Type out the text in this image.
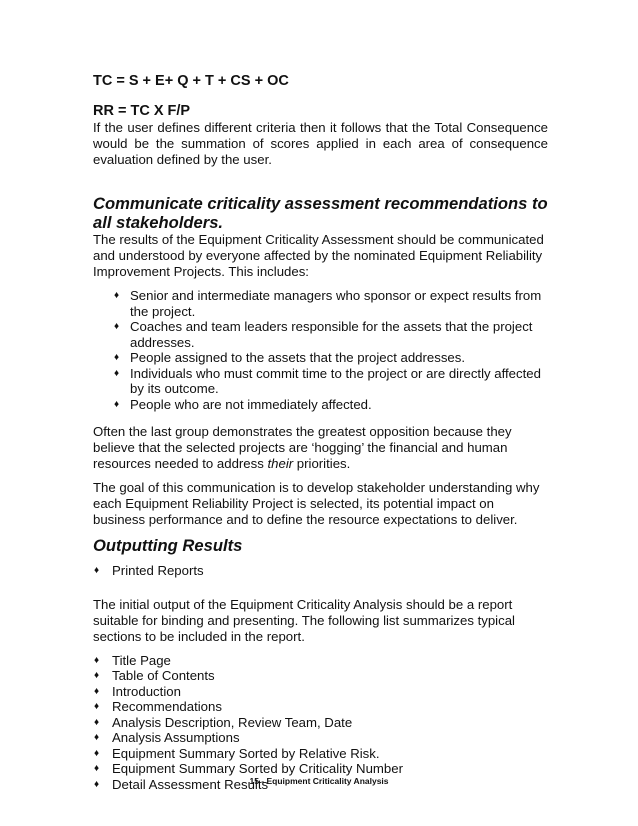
TC = S + E+ Q + T + CS + OC

RR = TC X F/P

If the user defines different criteria then it follows that the Total Consequence would be the summation of scores applied in each area of consequence evaluation defined by the user.

Communicate criticality assessment recommendations to all stakeholders.

The results of the Equipment Criticality Assessment should be communicated and understood by everyone affected by the nominated Equipment Reliability Improvement Projects. This includes:

♦ Senior and intermediate managers who sponsor or expect results from the project.
♦ Coaches and team leaders responsible for the assets that the project addresses.
♦ People assigned to the assets that the project addresses.
♦ Individuals who must commit time to the project or are directly affected by its outcome.
♦ People who are not immediately affected.

Often the last group demonstrates the greatest opposition because they believe that the selected projects are ‘hogging’ the financial and human resources needed to address their priorities.

The goal of this communication is to develop stakeholder understanding why each Equipment Reliability Project is selected, its potential impact on business performance and to define the resource expectations to deliver.

Outputting Results
♦ Printed Reports

The initial output of the Equipment Criticality Analysis should be a report suitable for binding and presenting. The following list summarizes typical sections to be included in the report.

♦ Title Page
♦ Table of Contents
♦ Introduction
♦ Recommendations
♦ Analysis Description, Review Team, Date
♦ Analysis Assumptions
♦ Equipment Summary Sorted by Relative Risk.
♦ Equipment Summary Sorted by Criticality Number
♦ Detail Assessment Results
15 - Equipment Criticality Analysis
